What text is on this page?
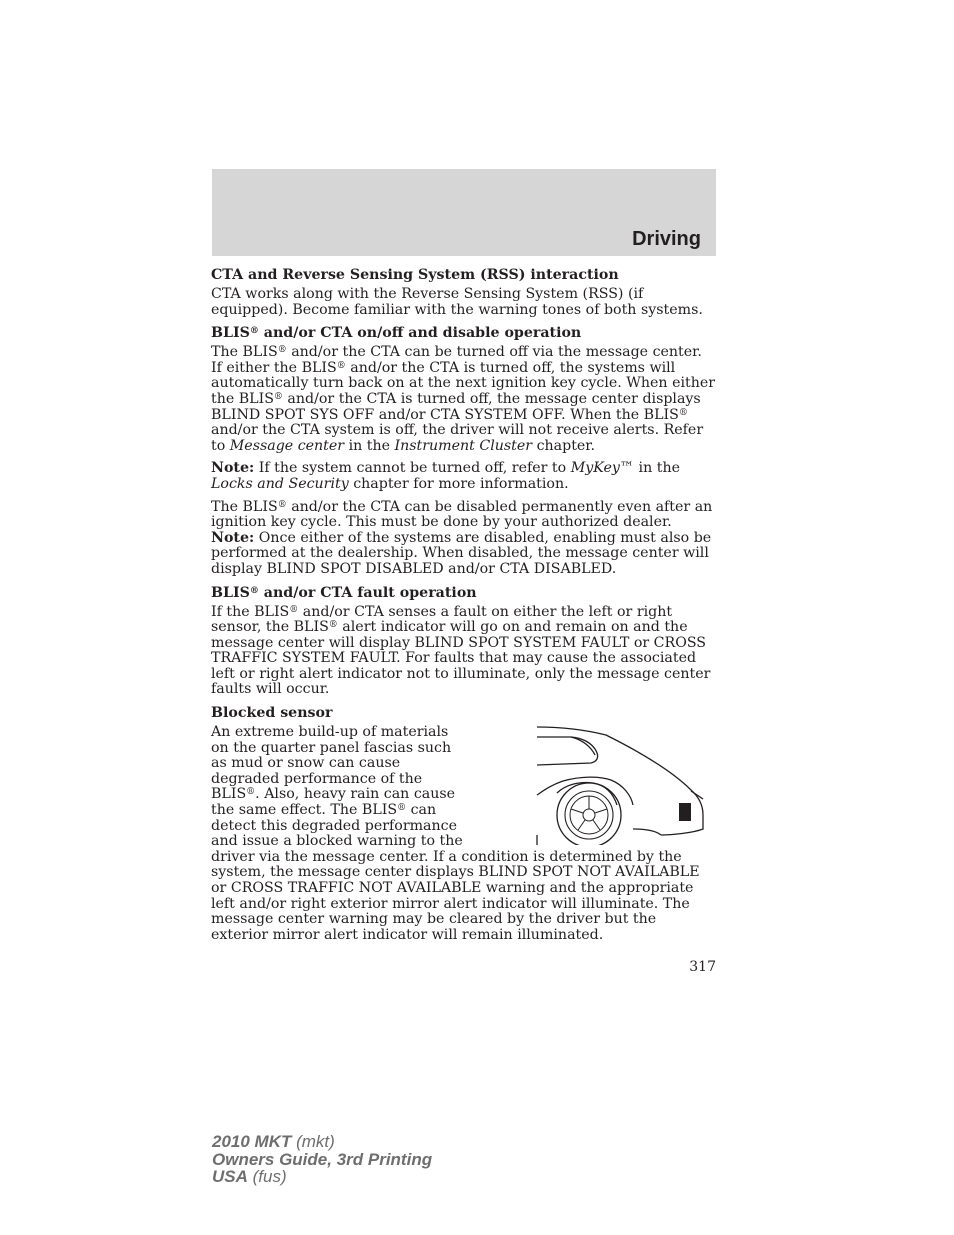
Driving
CTA and Reverse Sensing System (RSS) interaction

CTA works along with the Reverse Sensing System (RSS) (if equipped). Become familiar with the warning tones of both systems.

BLIS® and/or CTA on/off and disable operation

The BLIS® and/or the CTA can be turned off via the message center. If either the BLIS® and/or the CTA is turned off, the systems will automatically turn back on at the next ignition key cycle. When either the BLIS® and/or the CTA is turned off, the message center displays BLIND SPOT SYS OFF and/or CTA SYSTEM OFF. When the BLIS® and/or the CTA system is off, the driver will not receive alerts. Refer to Message center in the Instrument Cluster chapter.

Note: If the system cannot be turned off, refer to MyKey™ in the Locks and Security chapter for more information.

The BLIS® and/or the CTA can be disabled permanently even after an ignition key cycle. This must be done by your authorized dealer. Note: Once either of the systems are disabled, enabling must also be performed at the dealership. When disabled, the message center will display BLIND SPOT DISABLED and/or CTA DISABLED.

BLIS® and/or CTA fault operation

If the BLIS® and/or CTA senses a fault on either the left or right sensor, the BLIS® alert indicator will go on and remain on and the message center will display BLIND SPOT SYSTEM FAULT or CROSS TRAFFIC SYSTEM FAULT. For faults that may cause the associated left or right alert indicator not to illuminate, only the message center faults will occur.

Blocked sensor

An extreme build-up of materials on the quarter panel fascias such as mud or snow can cause degraded performance of the BLIS®. Also, heavy rain can cause the same effect. The BLIS® can detect this degraded performance and issue a blocked warning to the driver via the message center. If a condition is determined by the system, the message center displays BLIND SPOT NOT AVAILABLE or CROSS TRAFFIC NOT AVAILABLE warning and the appropriate left and/or right exterior mirror alert indicator will illuminate. The message center warning may be cleared by the driver but the exterior mirror alert indicator will remain illuminated.

317
2010 MKT (mkt)
Owners Guide, 3rd Printing
USA (fus)
